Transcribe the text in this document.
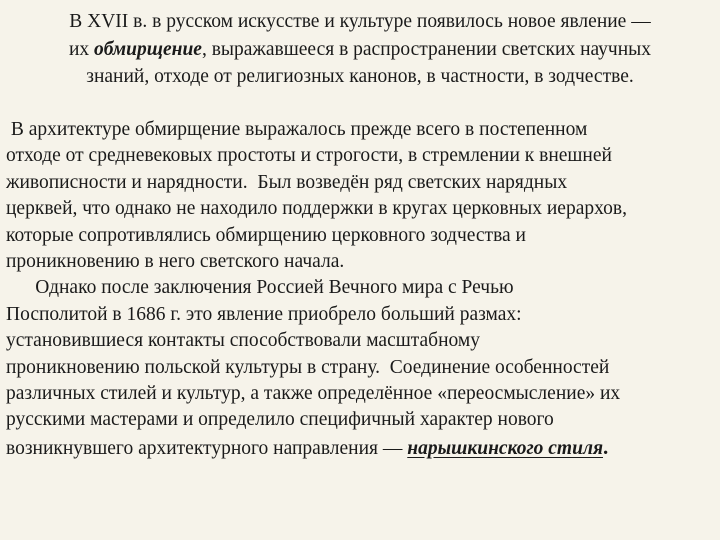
В XVII в. в русском искусстве и культуре появилось новое явление —
их обмирщение, выражавшееся в распространении светских научных
знаний, отходе от религиозных канонов, в частности, в зодчестве.
В архитектуре обмирщение выражалось прежде всего в постепенном
отходе от средневековых простоты и строгости, в стремлении к внешней
живописности и нарядности.  Был возведён ряд светских нарядных
церквей, что однако не находило поддержки в кругах церковных иерархов,
которые сопротивлялись обмирщению церковного зодчества и
проникновению в него светского начала.
Однако после заключения Россией Вечного мира с Речью
Посполитой в 1686 г. это явление приобрело больший размах:
установившиеся контакты способствовали масштабному
проникновению польской культуры в страну.  Соединение особенностей
различных стилей и культур, а также определённое «переосмысление» их
русскими мастерами и определило специфичный характер нового
возникнувшего архитектурного направления — нарышкинского стиля.
